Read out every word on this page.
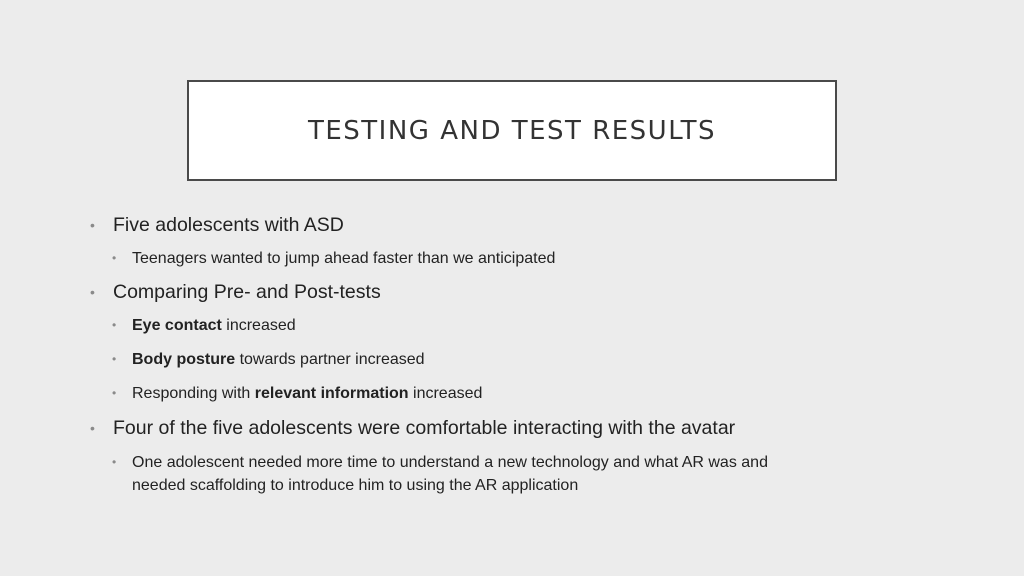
TESTING AND TEST RESULTS
• Five adolescents with ASD
• Teenagers wanted to jump ahead faster than we anticipated
• Comparing Pre- and Post-tests
• Eye contact increased
• Body posture towards partner increased
• Responding with relevant information increased
• Four of the five adolescents were comfortable interacting with the avatar
• One adolescent needed more time to understand a new technology and what AR was and needed scaffolding to introduce him to using the AR application
